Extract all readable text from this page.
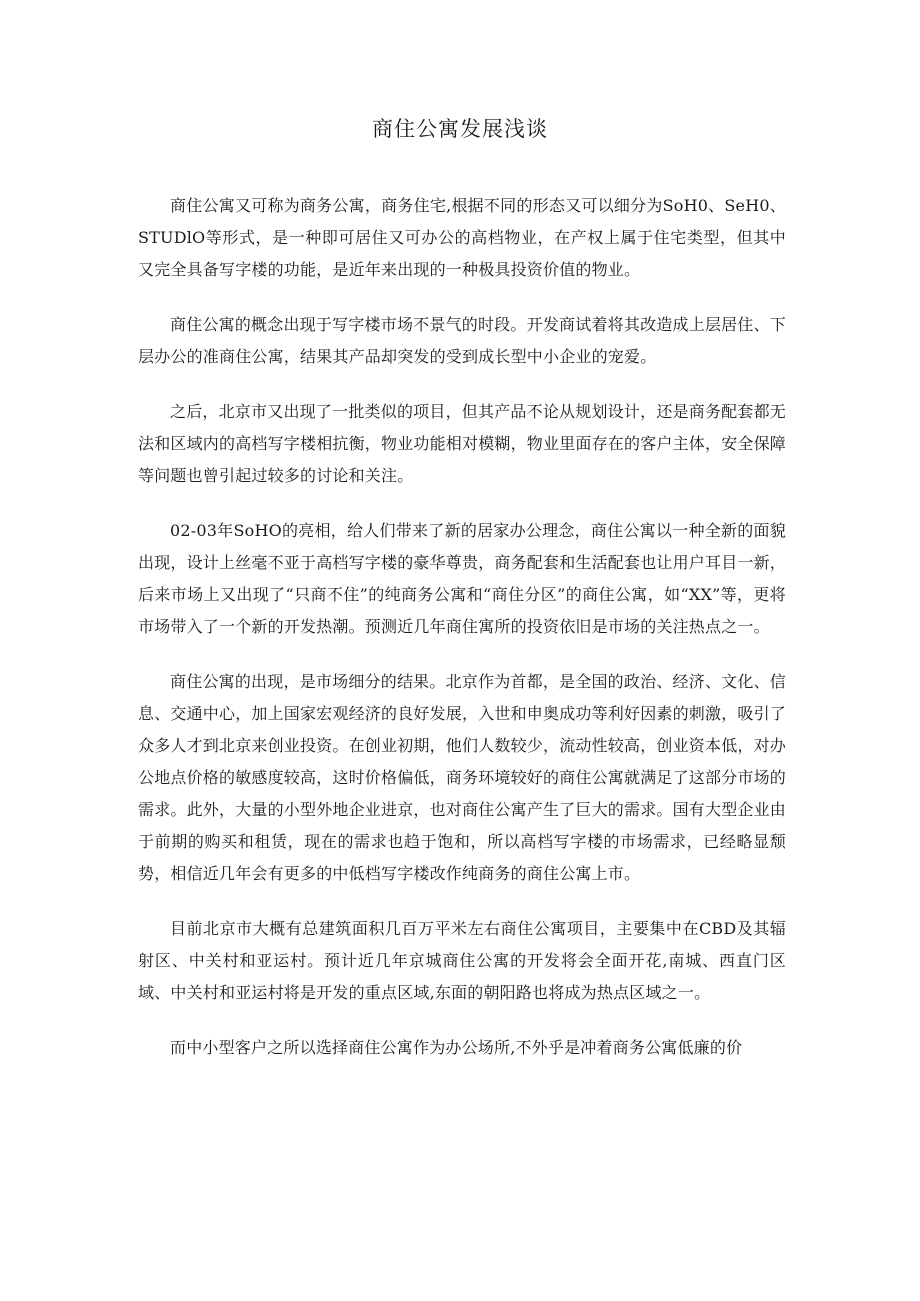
商住公寓发展浅谈

商住公寓又可称为商务公寓，商务住宅,根据不同的形态又可以细分为SoH0、SeH0、STUDlO等形式，是一种即可居住又可办公的高档物业，在产权上属于住宅类型，但其中又完全具备写字楼的功能，是近年来出现的一种极具投资价值的物业。

商住公寓的概念出现于写字楼市场不景气的时段。开发商试着将其改造成上层居住、下层办公的准商住公寓，结果其产品却突发的受到成长型中小企业的宠爱。

之后，北京市又出现了一批类似的项目，但其产品不论从规划设计，还是商务配套都无法和区域内的高档写字楼相抗衡，物业功能相对模糊，物业里面存在的客户主体，安全保障等问题也曾引起过较多的讨论和关注。

02-03年SoHO的亮相，给人们带来了新的居家办公理念，商住公寓以一种全新的面貌出现，设计上丝毫不亚于高档写字楼的豪华尊贵，商务配套和生活配套也让用户耳目一新，后来市场上又出现了“只商不住”的纯商务公寓和“商住分区”的商住公寓，如“XX”等，更将市场带入了一个新的开发热潮。预测近几年商住寓所的投资依旧是市场的关注热点之一。

商住公寓的出现，是市场细分的结果。北京作为首都，是全国的政治、经济、文化、信息、交通中心，加上国家宏观经济的良好发展，入世和申奥成功等利好因素的刺激，吸引了众多人才到北京来创业投资。在创业初期，他们人数较少，流动性较高，创业资本低，对办公地点价格的敏感度较高，这时价格偏低，商务环境较好的商住公寓就满足了这部分市场的需求。此外，大量的小型外地企业进京，也对商住公寓产生了巨大的需求。国有大型企业由于前期的购买和租赁，现在的需求也趋于饱和，所以高档写字楼的市场需求，已经略显颓势，相信近几年会有更多的中低档写字楼改作纯商务的商住公寓上市。

目前北京市大概有总建筑面积几百万平米左右商住公寓项目，主要集中在CBD及其辐射区、中关村和亚运村。预计近几年京城商住公寓的开发将会全面开花,南城、西直门区域、中关村和亚运村将是开发的重点区域,东面的朝阳路也将成为热点区域之一。

而中小型客户之所以选择商住公寓作为办公场所,不外乎是冲着商务公寓低廉的价
